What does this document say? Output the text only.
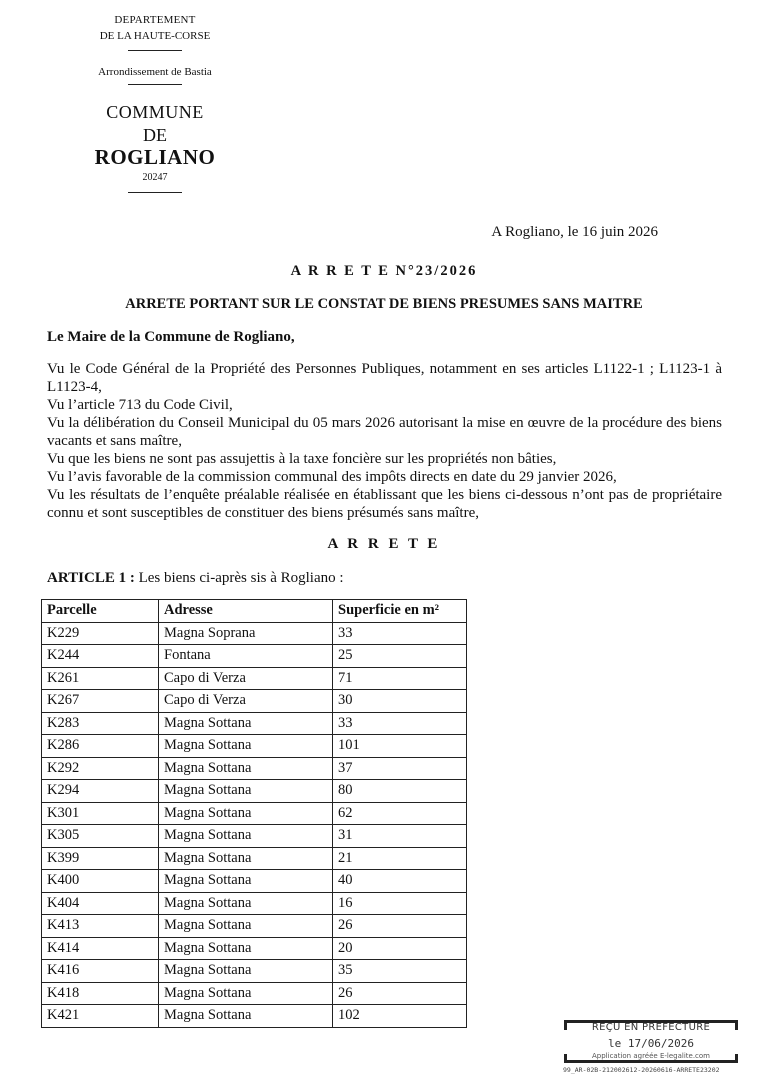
DEPARTEMENT
DE LA HAUTE-CORSE
Arrondissement de Bastia
COMMUNE
DE
ROGLIANO
20247
A Rogliano, le 16 juin 2026
A R R E T E N°23/2026
ARRETE PORTANT SUR LE CONSTAT DE BIENS PRESUMES SANS MAITRE
Le Maire de la Commune de Rogliano,

Vu le Code Général de la Propriété des Personnes Publiques, notamment en ses articles L1122-1 ; L1123-1 à L1123-4,

Vu l’article 713 du Code Civil,

Vu la délibération du Conseil Municipal du 05 mars 2026 autorisant la mise en œuvre de la procédure des biens vacants et sans maître,

Vu que les biens ne sont pas assujettis à la taxe foncière sur les propriétés non bâties,

Vu l’avis favorable de la commission communal des impôts directs en date du 29 janvier 2026,

Vu les résultats de l’enquête préalable réalisée en établissant que les biens ci-dessous n’ont pas de propriétaire connu et sont susceptibles de constituer des biens présumés sans maître,

A R R E T E
ARTICLE 1 : Les biens ci-après sis à Rogliano :
Parcelle	Adresse	Superficie en m²
K229	Magna Soprana	33
K244	Fontana	25
K261	Capo di Verza	71
K267	Capo di Verza	30
K283	Magna Sottana	33
K286	Magna Sottana	101
K292	Magna Sottana	37
K294	Magna Sottana	80
K301	Magna Sottana	62
K305	Magna Sottana	31
K399	Magna Sottana	21
K400	Magna Sottana	40
K404	Magna Sottana	16
K413	Magna Sottana	26
K414	Magna Sottana	20
K416	Magna Sottana	35
K418	Magna Sottana	26
K421	Magna Sottana	102
REÇU EN PREFECTURE
le 17/06/2026
Application agréée E-legalite.com
99_AR-02B-212002612-20260616-ARRETE23202
